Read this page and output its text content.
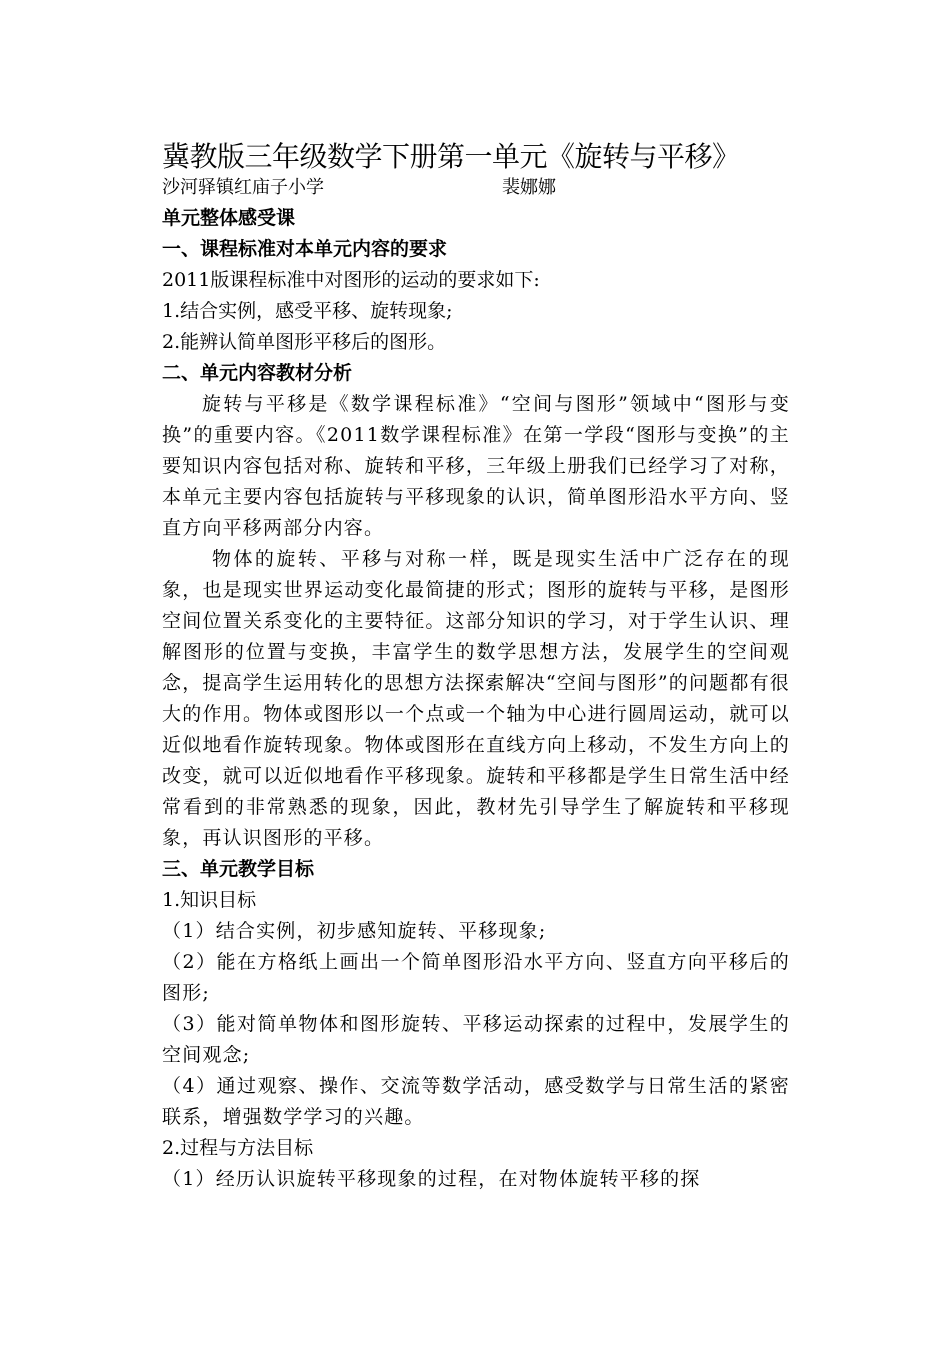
冀教版三年级数学下册第一单元《旋转与平移》
沙河驿镇红庙子小学	裴娜娜
单元整体感受课
一、课程标准对本单元内容的要求
2011版课程标准中对图形的运动的要求如下:
1.结合实例，感受平移、旋转现象;
2.能辨认简单图形平移后的图形。
二、单元内容教材分析
旋转与平移是《数学课程标准》“空间与图形”领域中“图形与变换”的重要内容。《2011数学课程标准》在第一学段“图形与变换”的主要知识内容包括对称、旋转和平移，三年级上册我们已经学习了对称，本单元主要内容包括旋转与平移现象的认识，简单图形沿水平方向、竖直方向平移两部分内容。
物体的旋转、平移与对称一样，既是现实生活中广泛存在的现象，也是现实世界运动变化最简捷的形式；图形的旋转与平移，是图形空间位置关系变化的主要特征。这部分知识的学习，对于学生认识、理解图形的位置与变换，丰富学生的数学思想方法，发展学生的空间观念，提高学生运用转化的思想方法探索解决“空间与图形”的问题都有很大的作用。物体或图形以一个点或一个轴为中心进行圆周运动，就可以近似地看作旋转现象。物体或图形在直线方向上移动，不发生方向上的改变，就可以近似地看作平移现象。旋转和平移都是学生日常生活中经常看到的非常熟悉的现象，因此，教材先引导学生了解旋转和平移现象，再认识图形的平移。
三、单元教学目标
1.知识目标
（1）结合实例，初步感知旋转、平移现象;
（2）能在方格纸上画出一个简单图形沿水平方向、竖直方向平移后的图形;
（3）能对简单物体和图形旋转、平移运动探索的过程中，发展学生的空间观念;
（4）通过观察、操作、交流等数学活动，感受数学与日常生活的紧密联系，增强数学学习的兴趣。
2.过程与方法目标
（1）经历认识旋转平移现象的过程，在对物体旋转平移的探
